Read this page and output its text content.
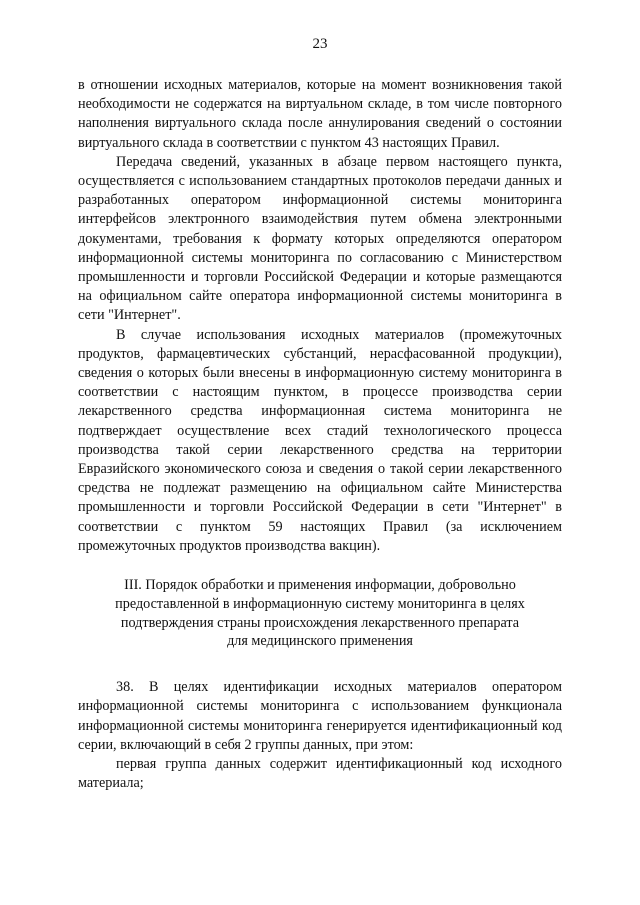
23

в отношении исходных материалов, которые на момент возникновения такой необходимости не содержатся на виртуальном складе, в том числе повторного наполнения виртуального склада после аннулирования сведений о состоянии виртуального склада в соответствии с пунктом 43 настоящих Правил.

Передача сведений, указанных в абзаце первом настоящего пункта, осуществляется с использованием стандартных протоколов передачи данных и разработанных оператором информационной системы мониторинга интерфейсов электронного взаимодействия путем обмена электронными документами, требования к формату которых определяются оператором информационной системы мониторинга по согласованию с Министерством промышленности и торговли Российской Федерации и которые размещаются на официальном сайте оператора информационной системы мониторинга в сети "Интернет".

В случае использования исходных материалов (промежуточных продуктов, фармацевтических субстанций, нерасфасованной продукции), сведения о которых были внесены в информационную систему мониторинга в соответствии с настоящим пунктом, в процессе производства серии лекарственного средства информационная система мониторинга не подтверждает осуществление всех стадий технологического процесса производства такой серии лекарственного средства на территории Евразийского экономического союза и сведения о такой серии лекарственного средства не подлежат размещению на официальном сайте Министерства промышленности и торговли Российской Федерации в сети "Интернет" в соответствии с пунктом 59 настоящих Правил (за исключением промежуточных продуктов производства вакцин).

III. Порядок обработки и применения информации, добровольно
предоставленной в информационную систему мониторинга в целях
подтверждения страны происхождения лекарственного препарата
для медицинского применения

38. В целях идентификации исходных материалов оператором информационной системы мониторинга с использованием функционала информационной системы мониторинга генерируется идентификационный код серии, включающий в себя 2 группы данных, при этом:

первая группа данных содержит идентификационный код исходного материала;
